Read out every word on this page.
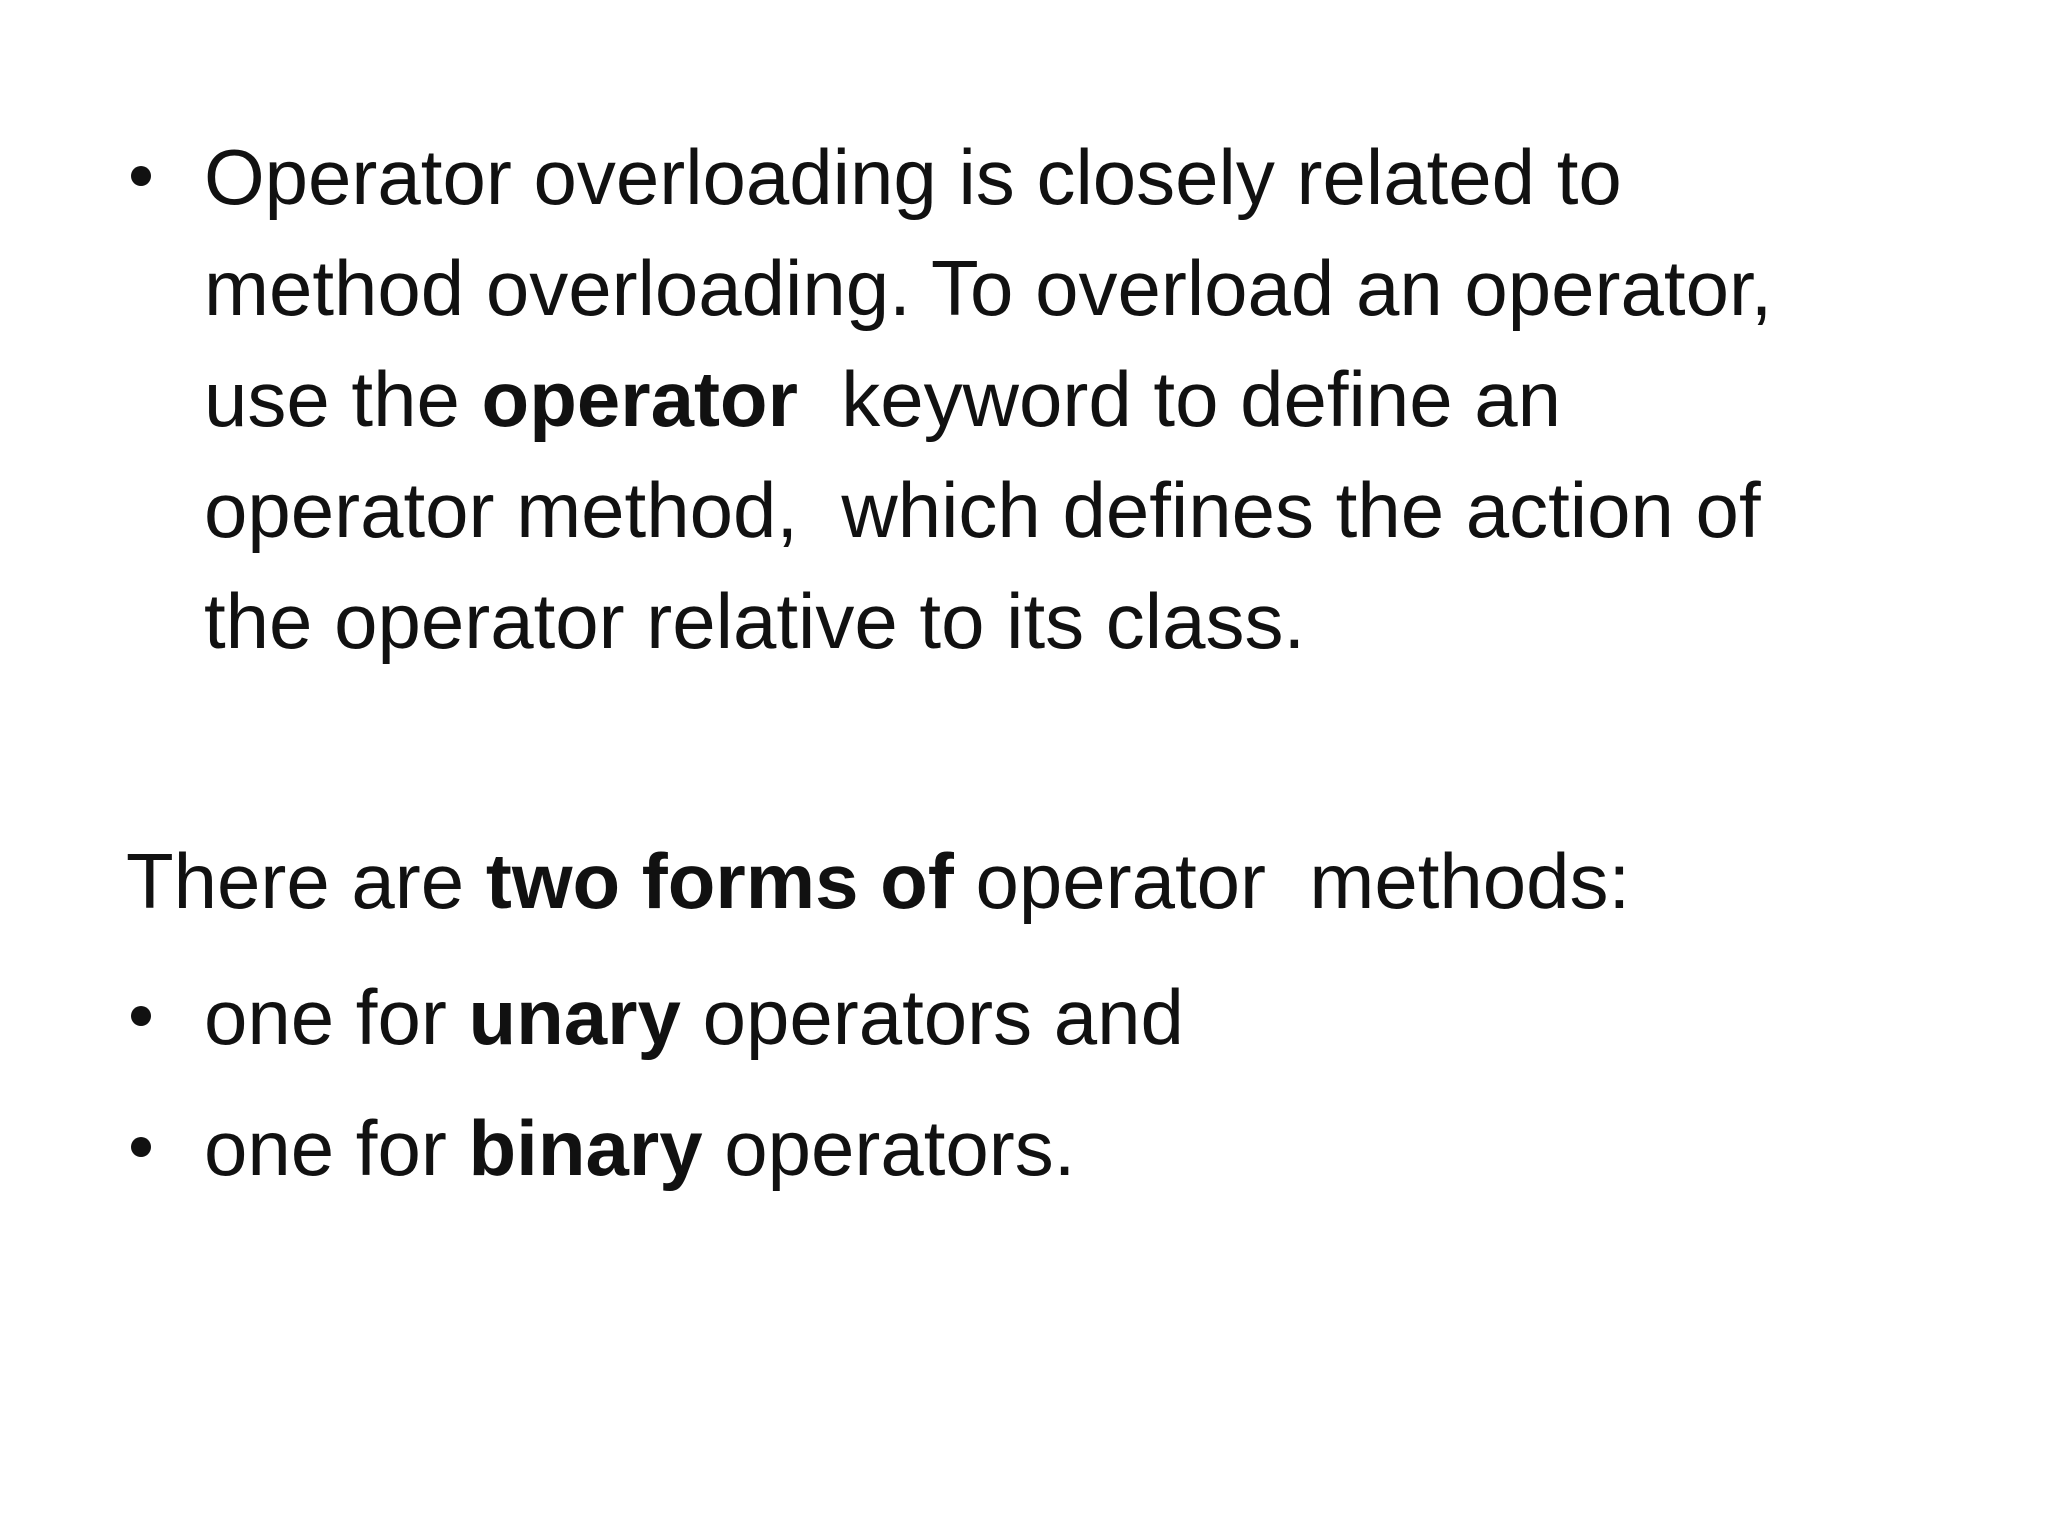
Operator overloading is closely related to
method overloading. To overload an operator,
use the operator  keyword to define an
operator method,  which defines the action of
the operator relative to its class.
There are two forms of operator  methods:
one for unary operators and
one for binary operators.
